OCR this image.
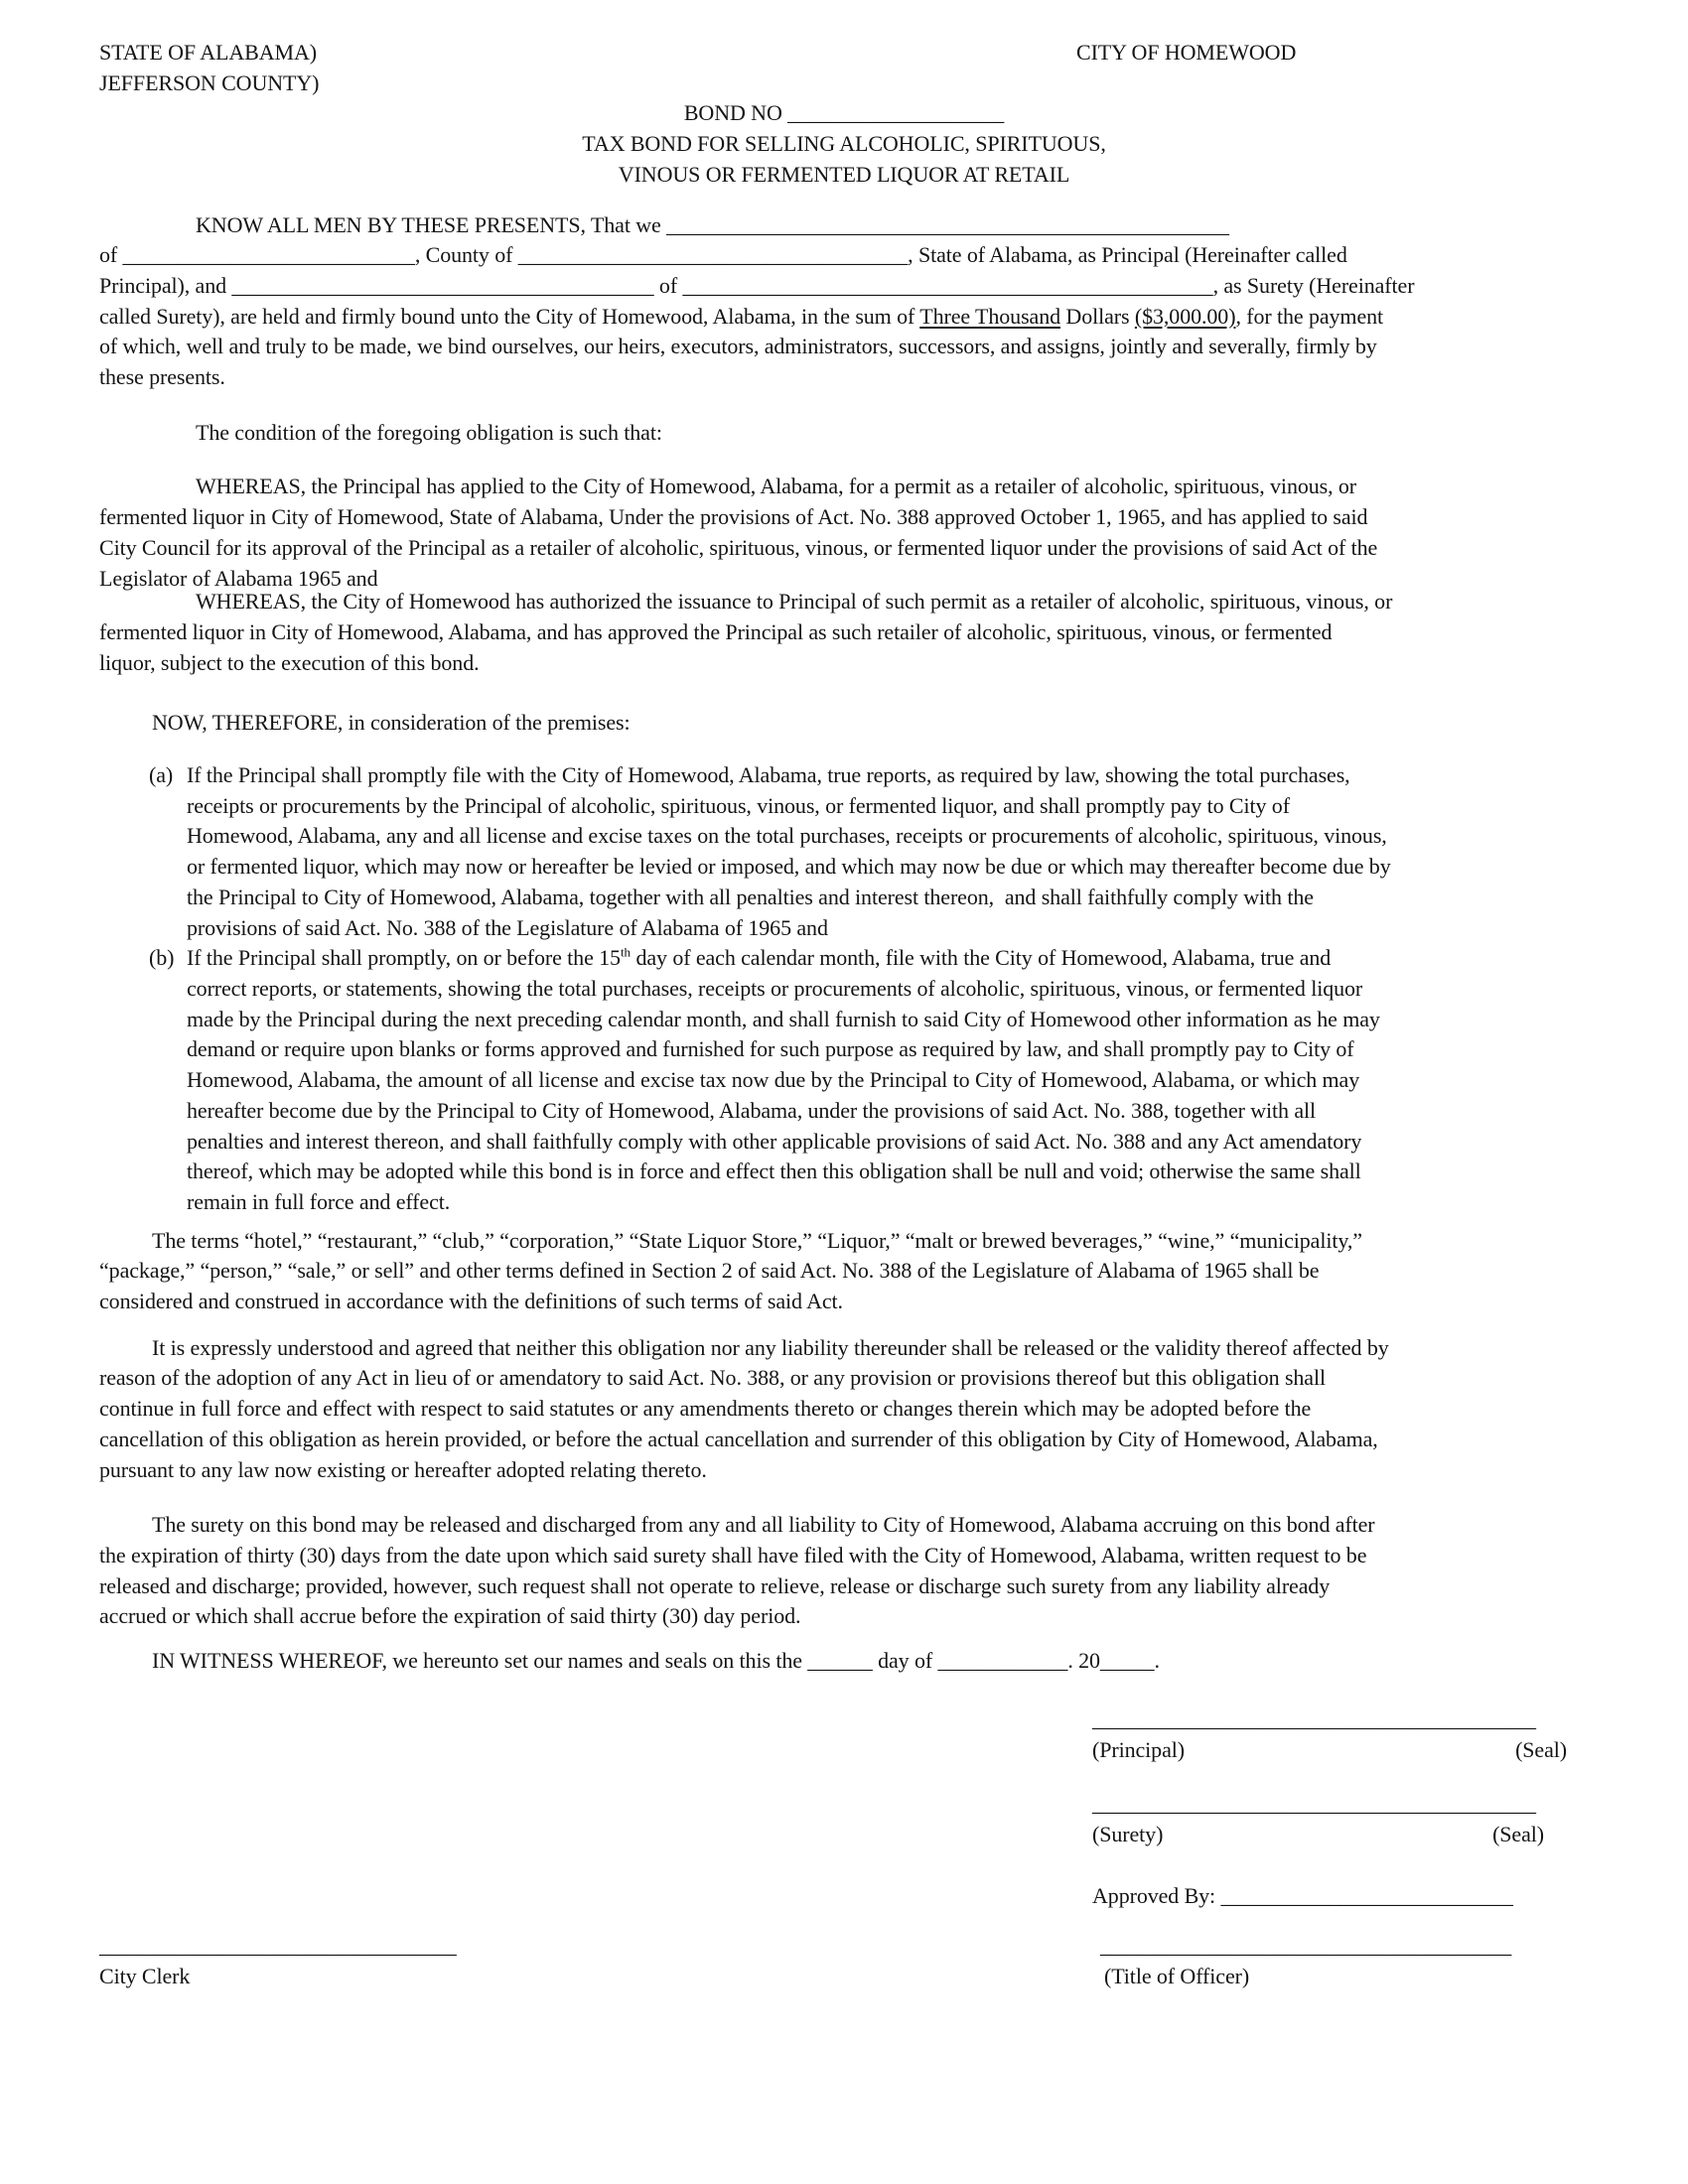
STATE OF ALABAMA)
JEFFERSON COUNTY)
CITY OF HOMEWOOD
BOND NO ____________________
TAX BOND FOR SELLING ALCOHOLIC, SPIRITUOUS,
VINOUS OR FERMENTED LIQUOR AT RETAIL
KNOW ALL MEN BY THESE PRESENTS, That we ____________________________________________________
of ___________________________, County of ____________________________________, State of Alabama, as Principal (Hereinafter called
Principal), and _______________________________________ of _________________________________________________, as Surety (Hereinafter
called Surety), are held and firmly bound unto the City of Homewood, Alabama, in the sum of Three Thousand Dollars ($3,000.00), for the payment
of which, well and truly to be made, we bind ourselves, our heirs, executors, administrators, successors, and assigns, jointly and severally, firmly by
these presents.
The condition of the foregoing obligation is such that:
WHEREAS, the Principal has applied to the City of Homewood, Alabama, for a permit as a retailer of alcoholic, spirituous, vinous, or
fermented liquor in City of Homewood, State of Alabama, Under the provisions of Act. No. 388 approved October 1, 1965, and has applied to said
City Council for its approval of the Principal as a retailer of alcoholic, spirituous, vinous, or fermented liquor under the provisions of said Act of the
Legislator of Alabama 1965 and
WHEREAS, the City of Homewood has authorized the issuance to Principal of such permit as a retailer of alcoholic, spirituous, vinous, or
fermented liquor in City of Homewood, Alabama, and has approved the Principal as such retailer of alcoholic, spirituous, vinous, or fermented
liquor, subject to the execution of this bond.
NOW, THEREFORE, in consideration of the premises:
(a) If the Principal shall promptly file with the City of Homewood, Alabama, true reports, as required by law, showing the total purchases,
receipts or procurements by the Principal of alcoholic, spirituous, vinous, or fermented liquor, and shall promptly pay to City of
Homewood, Alabama, any and all license and excise taxes on the total purchases, receipts or procurements of alcoholic, spirituous, vinous,
or fermented liquor, which may now or hereafter be levied or imposed, and which may now be due or which may thereafter become due by
the Principal to City of Homewood, Alabama, together with all penalties and interest thereon,  and shall faithfully comply with the
provisions of said Act. No. 388 of the Legislature of Alabama of 1965 and
(b) If the Principal shall promptly, on or before the 15th day of each calendar month, file with the City of Homewood, Alabama, true and
correct reports, or statements, showing the total purchases, receipts or procurements of alcoholic, spirituous, vinous, or fermented liquor
made by the Principal during the next preceding calendar month, and shall furnish to said City of Homewood other information as he may
demand or require upon blanks or forms approved and furnished for such purpose as required by law, and shall promptly pay to City of
Homewood, Alabama, the amount of all license and excise tax now due by the Principal to City of Homewood, Alabama, or which may
hereafter become due by the Principal to City of Homewood, Alabama, under the provisions of said Act. No. 388, together with all
penalties and interest thereon, and shall faithfully comply with other applicable provisions of said Act. No. 388 and any Act amendatory
thereof, which may be adopted while this bond is in force and effect then this obligation shall be null and void; otherwise the same shall
remain in full force and effect.
The terms “hotel,” “restaurant,” “club,” “corporation,” “State Liquor Store,” “Liquor,” “malt or brewed beverages,” “wine,” “municipality,”
“package,” “person,” “sale,” or sell” and other terms defined in Section 2 of said Act. No. 388 of the Legislature of Alabama of 1965 shall be
considered and construed in accordance with the definitions of such terms of said Act.
It is expressly understood and agreed that neither this obligation nor any liability thereunder shall be released or the validity thereof affected by
reason of the adoption of any Act in lieu of or amendatory to said Act. No. 388, or any provision or provisions thereof but this obligation shall
continue in full force and effect with respect to said statutes or any amendments thereto or changes therein which may be adopted before the
cancellation of this obligation as herein provided, or before the actual cancellation and surrender of this obligation by City of Homewood, Alabama,
pursuant to any law now existing or hereafter adopted relating thereto.
The surety on this bond may be released and discharged from any and all liability to City of Homewood, Alabama accruing on this bond after
the expiration of thirty (30) days from the date upon which said surety shall have filed with the City of Homewood, Alabama, written request to be
released and discharge; provided, however, such request shall not operate to relieve, release or discharge such surety from any liability already
accrued or which shall accrue before the expiration of said thirty (30) day period.
IN WITNESS WHEREOF, we hereunto set our names and seals on this the ______ day of ____________. 20_____.
_________________________________________
(Principal)	(Seal)
_________________________________________
(Surety)	(Seal)
Approved By: ___________________________
_________________________________
City Clerk
______________________________________
(Title of Officer)
